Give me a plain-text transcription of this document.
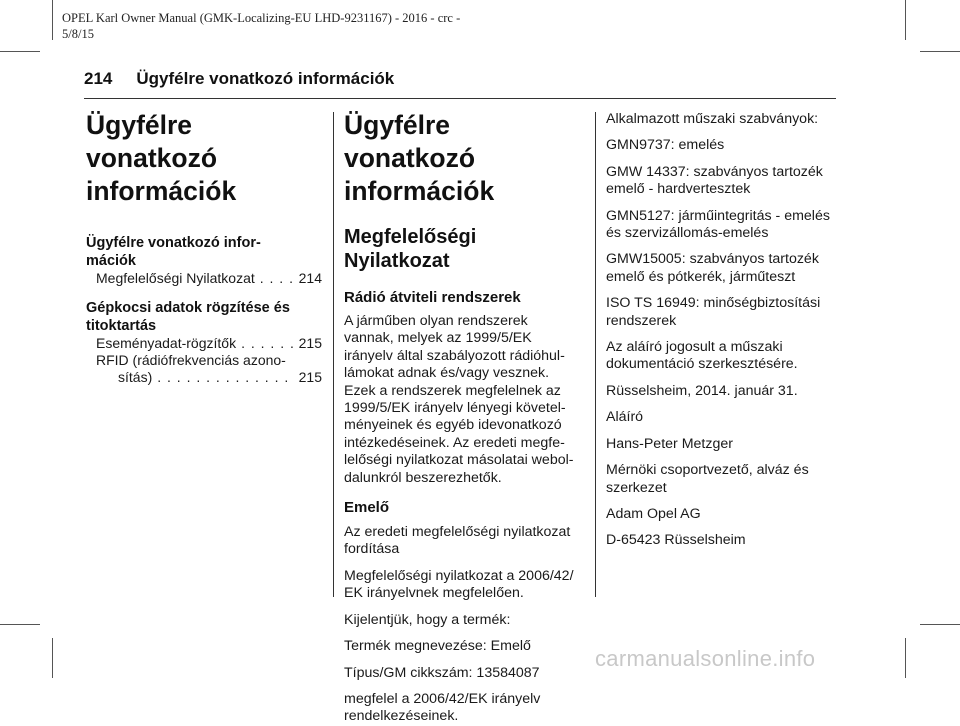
OPEL Karl Owner Manual (GMK-Localizing-EU LHD-9231167) - 2016 - crc -
5/8/15
214 Ügyfélre vonatkozó információk
Ügyfélre vonatkozó
információk
Ügyfélre vonatkozó infor-
mációk
Megfelelőségi Nyilatkozat . . .	214
Gépkocsi adatok rögzítése és
titoktartás
Eseményadat-rögzítők . . .	215
RFID (rádiófrekvenciás azono-
sítás) . . .	215
Ügyfélre vonatkozó
információk
Megfelelőségi Nyilatkozat
Rádió átviteli rendszerek
A járműben olyan rendszerek
vannak, melyek az 1999/5/EK
irányelv által szabályozott rádióhul-
lámokat adnak és/vagy vesznek.
Ezek a rendszerek megfelelnek az
1999/5/EK irányelv lényegi követel-
ményeinek és egyéb idevonatkozó
intézkedéseinek. Az eredeti megfe-
lelőségi nyilatkozat másolatai webol-
dalunkról beszerezhetők.
Emelő
Az eredeti megfelelőségi nyilatkozat
fordítása
Megfelelőségi nyilatkozat a 2006/42/
EK irányelvnek megfelelően.
Kijelentjük, hogy a termék:
Termék megnevezése: Emelő
Típus/GM cikkszám: 13584087
megfelel a 2006/42/EK irányelv
rendelkezéseinek.
Alkalmazott műszaki szabványok:
GMN9737: emelés
GMW 14337: szabványos tartozék
emelő - hardvertesztek
GMN5127: járműintegritás - emelés
és szervizállomás-emelés
GMW15005: szabványos tartozék
emelő és pótkerék, járműteszt
ISO TS 16949: minőségbiztosítási
rendszerek
Az aláíró jogosult a műszaki
dokumentáció szerkesztésére.
Rüsselsheim, 2014. január 31.
Aláíró
Hans-Peter Metzger
Mérnöki csoportvezető, alváz és
szerkezet
Adam Opel AG
D-65423 Rüsselsheim
carmanualsonline.info
